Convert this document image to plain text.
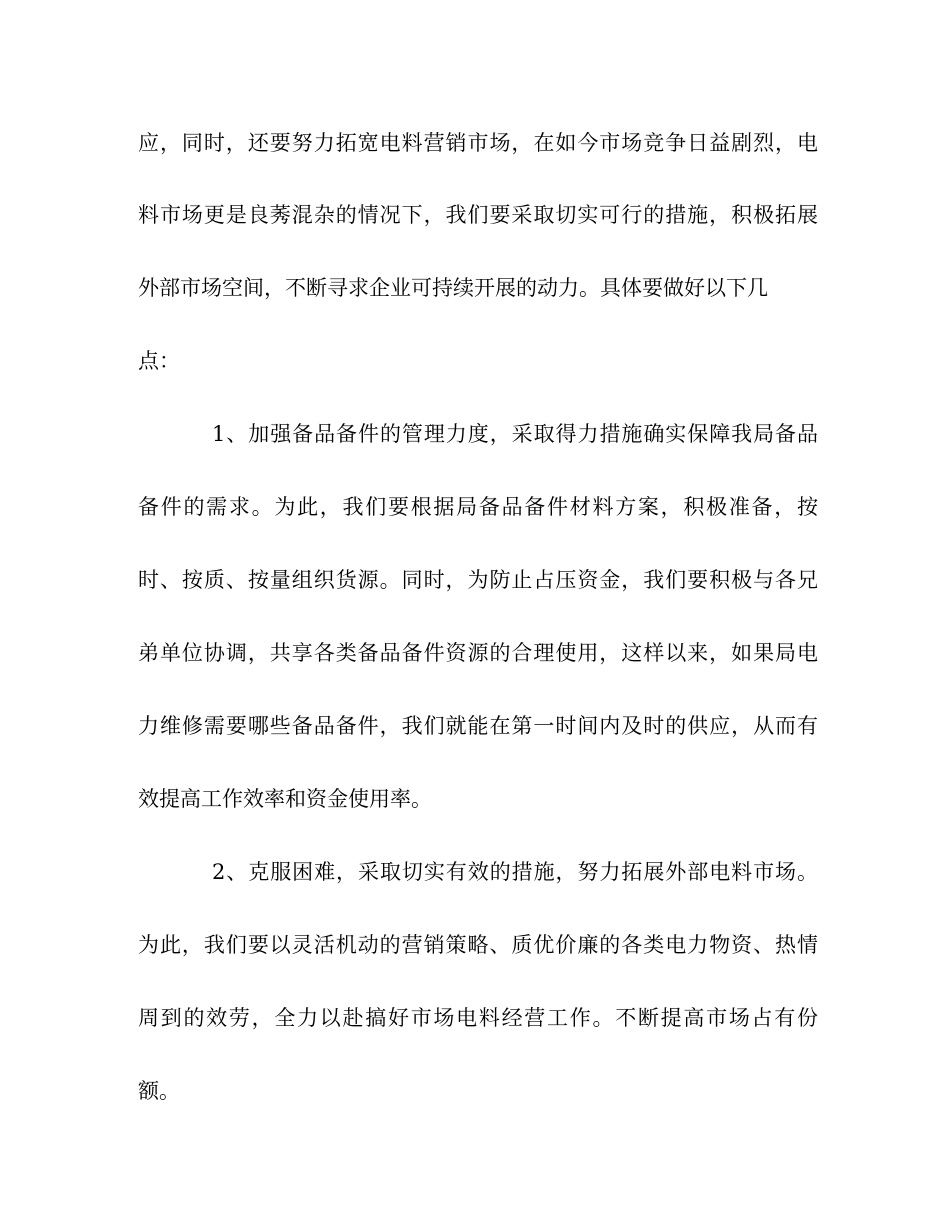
应，同时，还要努力拓宽电料营销市场，在如今市场竞争日益剧烈，电
料市场更是良莠混杂的情况下，我们要采取切实可行的措施，积极拓展
外部市场空间，不断寻求企业可持续开展的动力。具体要做好以下几
点：
1、加强备品备件的管理力度，采取得力措施确实保障我局备品
备件的需求。为此，我们要根据局备品备件材料方案，积极准备，按
时、按质、按量组织货源。同时，为防止占压资金，我们要积极与各兄
弟单位协调，共享各类备品备件资源的合理使用，这样以来，如果局电
力维修需要哪些备品备件，我们就能在第一时间内及时的供应，从而有
效提高工作效率和资金使用率。
2、克服困难，采取切实有效的措施，努力拓展外部电料市场。
为此，我们要以灵活机动的营销策略、质优价廉的各类电力物资、热情
周到的效劳，全力以赴搞好市场电料经营工作。不断提高市场占有份
额。
